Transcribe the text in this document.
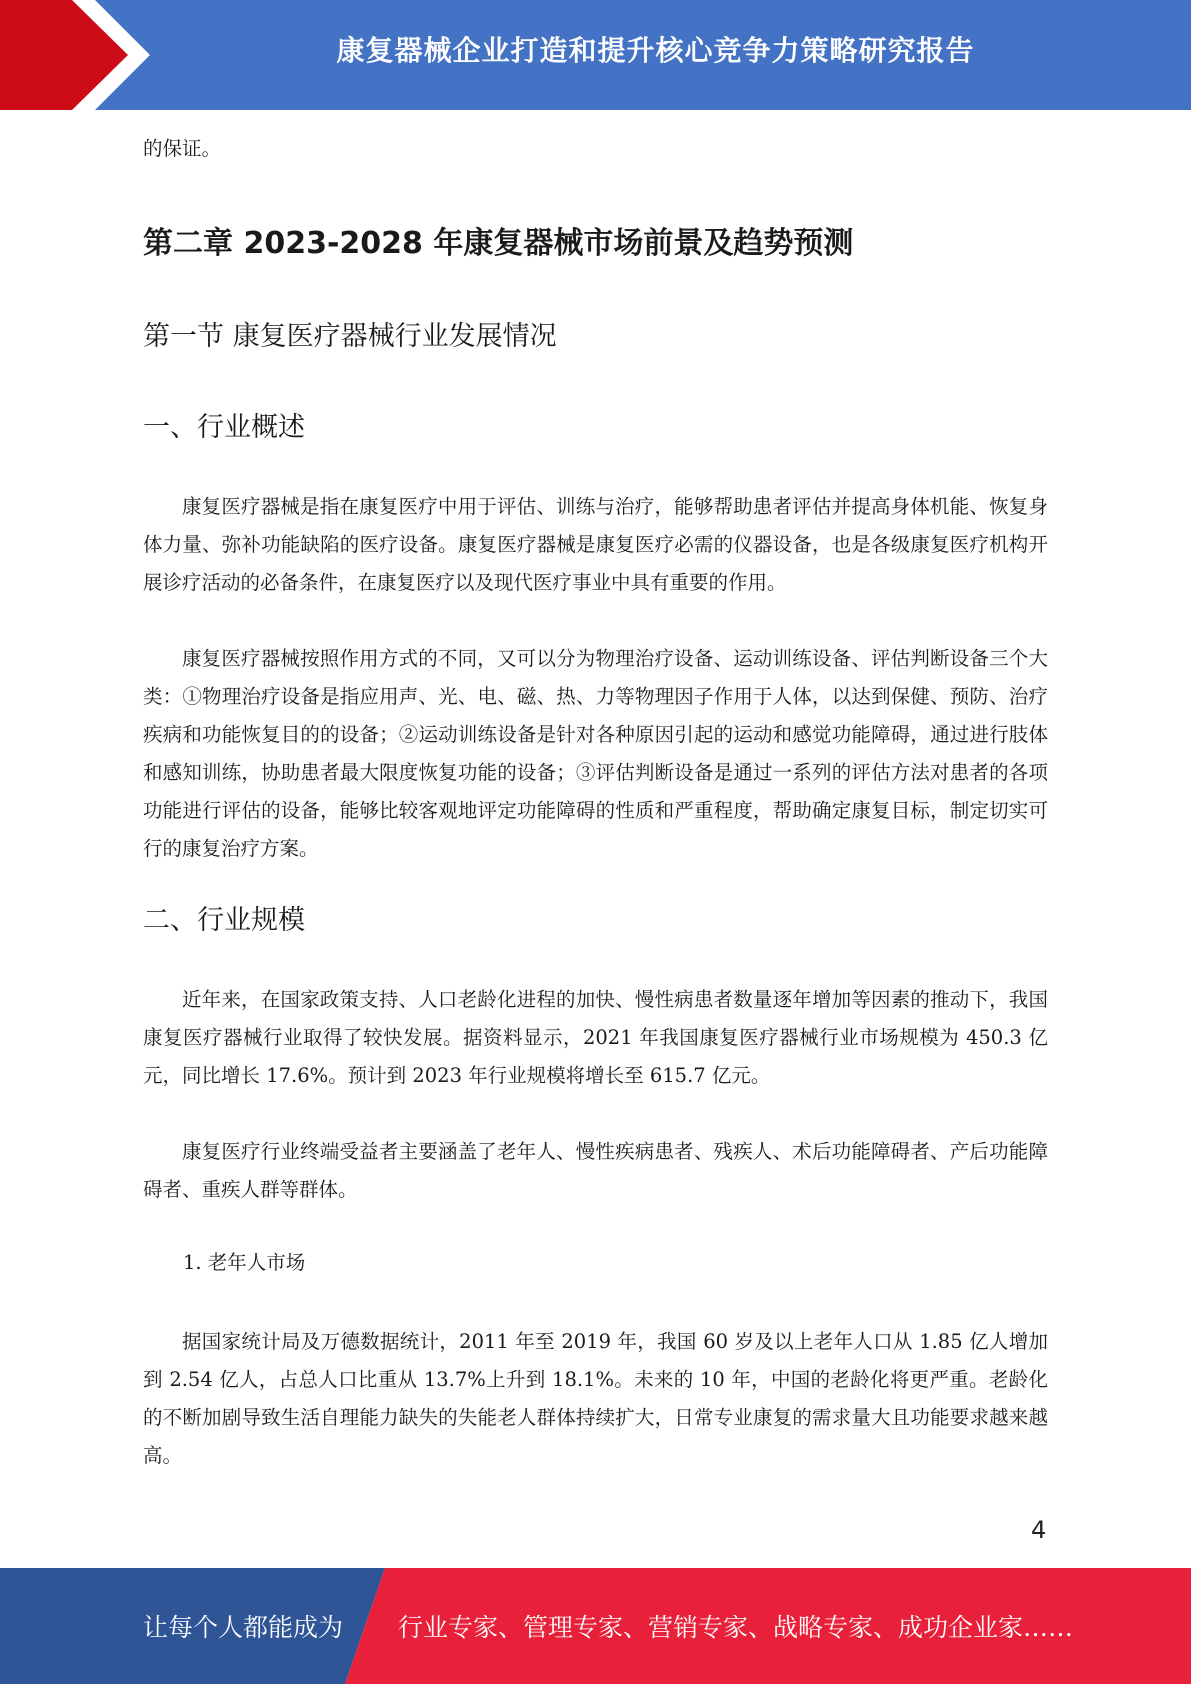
康复器械企业打造和提升核心竞争力策略研究报告

的保证。

第二章 2023-2028 年康复器械市场前景及趋势预测
第一节 康复医疗器械行业发展情况
一、行业概述

康复医疗器械是指在康复医疗中用于评估、训练与治疗，能够帮助患者评估并提高身体机能、恢复身体力量、弥补功能缺陷的医疗设备。康复医疗器械是康复医疗必需的仪器设备，也是各级康复医疗机构开展诊疗活动的必备条件，在康复医疗以及现代医疗事业中具有重要的作用。

康复医疗器械按照作用方式的不同，又可以分为物理治疗设备、运动训练设备、评估判断设备三个大类：①物理治疗设备是指应用声、光、电、磁、热、力等物理因子作用于人体，以达到保健、预防、治疗疾病和功能恢复目的的设备；②运动训练设备是针对各种原因引起的运动和感觉功能障碍，通过进行肢体和感知训练，协助患者最大限度恢复功能的设备；③评估判断设备是通过一系列的评估方法对患者的各项功能进行评估的设备，能够比较客观地评定功能障碍的性质和严重程度，帮助确定康复目标，制定切实可行的康复治疗方案。

二、行业规模

近年来，在国家政策支持、人口老龄化进程的加快、慢性病患者数量逐年增加等因素的推动下，我国康复医疗器械行业取得了较快发展。据资料显示，2021 年我国康复医疗器械行业市场规模为 450.3 亿元，同比增长 17.6%。预计到 2023 年行业规模将增长至 615.7 亿元。

康复医疗行业终端受益者主要涵盖了老年人、慢性疾病患者、残疾人、术后功能障碍者、产后功能障碍者、重疾人群等群体。

1. 老年人市场

据国家统计局及万德数据统计，2011 年至 2019 年，我国 60 岁及以上老年人口从 1.85 亿人增加到 2.54 亿人，占总人口比重从 13.7%上升到 18.1%。未来的 10 年，中国的老龄化将更严重。老龄化的不断加剧导致生活自理能力缺失的失能老人群体持续扩大，日常专业康复的需求量大且功能要求越来越高。

4
让每个人都能成为 行业专家、管理专家、营销专家、战略专家、成功企业家……
